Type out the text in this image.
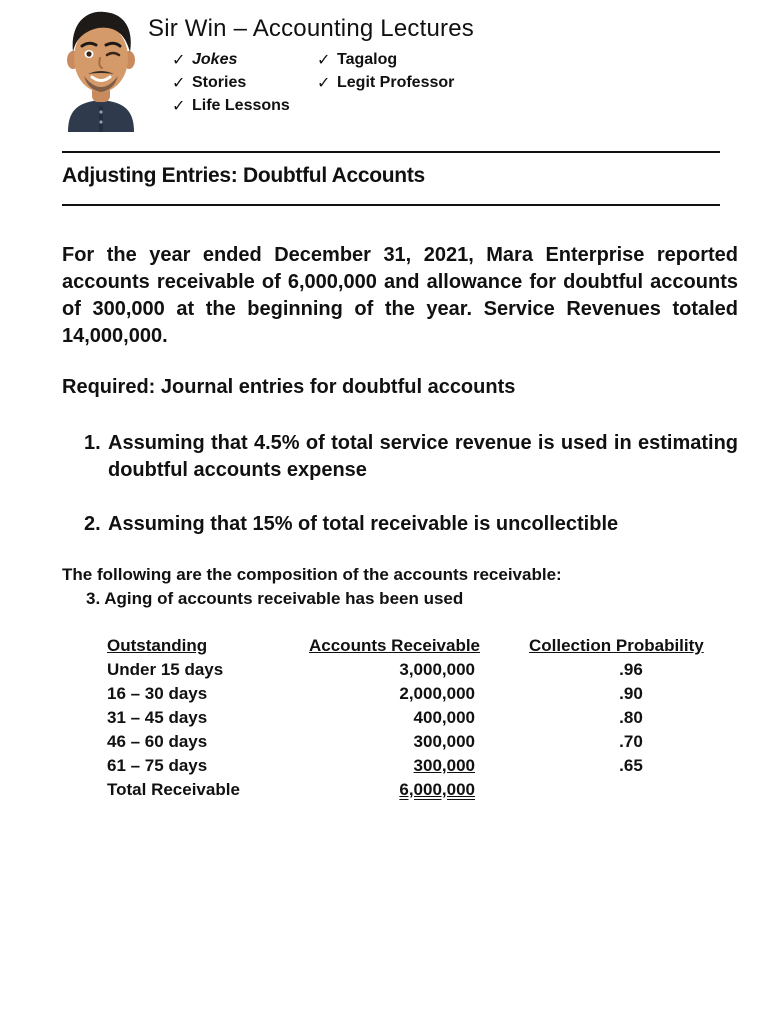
Sir Win – Accounting Lectures
✓ Jokes
✓ Stories
✓ Life Lessons
✓ Tagalog
✓ Legit Professor
Adjusting Entries: Doubtful Accounts
For the year ended December 31, 2021, Mara Enterprise reported accounts receivable of 6,000,000 and allowance for doubtful accounts of 300,000 at the beginning of the year. Service Revenues totaled 14,000,000.
Required: Journal entries for doubtful accounts
1. Assuming that 4.5% of total service revenue is used in estimating doubtful accounts expense
2. Assuming that 15% of total receivable is uncollectible
The following are the composition of the accounts receivable:
3. Aging of accounts receivable has been used
Outstanding	Accounts Receivable	Collection Probability
Under 15 days	3,000,000	.96
16 – 30 days	2,000,000	.90
31 – 45 days	400,000	.80
46 – 60 days	300,000	.70
61 – 75 days	300,000	.65
Total Receivable	6,000,000
